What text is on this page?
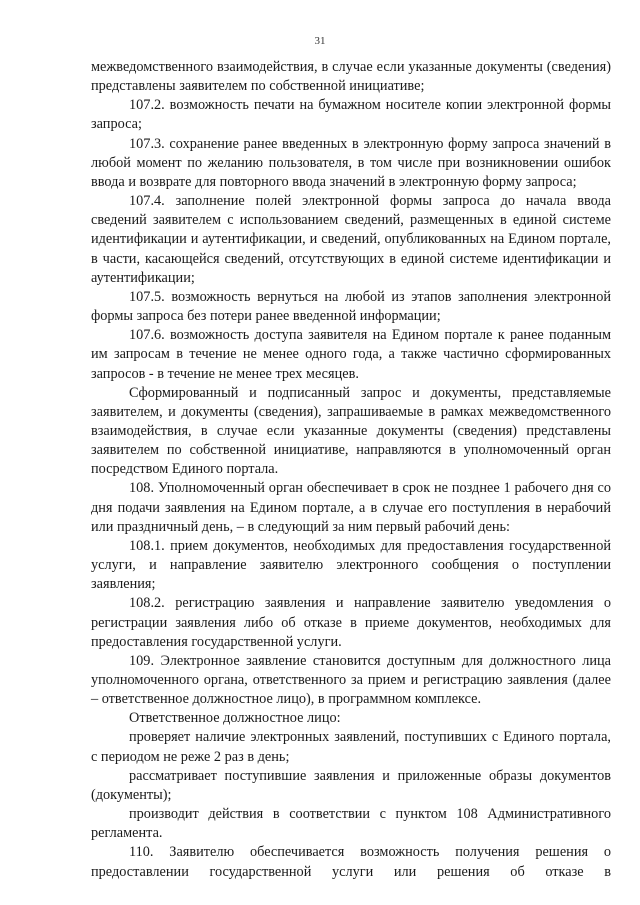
31

межведомственного взаимодействия, в случае если указанные документы (сведения) представлены заявителем по собственной инициативе;

107.2. возможность печати на бумажном носителе копии электронной формы запроса;

107.3. сохранение ранее введенных в электронную форму запроса значений в любой момент по желанию пользователя, в том числе при возникновении ошибок ввода и возврате для повторного ввода значений в электронную форму запроса;

107.4. заполнение полей электронной формы запроса до начала ввода сведений заявителем с использованием сведений, размещенных в единой системе идентификации и аутентификации, и сведений, опубликованных на Едином портале, в части, касающейся сведений, отсутствующих в единой системе идентификации и аутентификации;

107.5. возможность вернуться на любой из этапов заполнения электронной формы запроса без потери ранее введенной информации;

107.6. возможность доступа заявителя на Едином портале к ранее поданным им запросам в течение не менее одного года, а также частично сформированных запросов - в течение не менее трех месяцев.

Сформированный и подписанный запрос и документы, представляемые заявителем, и документы (сведения), запрашиваемые в рамках межведомственного взаимодействия, в случае если указанные документы (сведения) представлены заявителем по собственной инициативе, направляются в уполномоченный орган посредством Единого портала.

108. Уполномоченный орган обеспечивает в срок не позднее 1 рабочего дня со дня подачи заявления на Едином портале, а в случае его поступления в нерабочий или праздничный день, – в следующий за ним первый рабочий день:

108.1. прием документов, необходимых для предоставления государственной услуги, и направление заявителю электронного сообщения о поступлении заявления;

108.2. регистрацию заявления и направление заявителю уведомления о регистрации заявления либо об отказе в приеме документов, необходимых для предоставления государственной услуги.

109. Электронное заявление становится доступным для должностного лица уполномоченного органа, ответственного за прием и регистрацию заявления (далее – ответственное должностное лицо), в программном комплексе.

Ответственное должностное лицо:

проверяет наличие электронных заявлений, поступивших с Единого портала, с периодом не реже 2 раз в день;

рассматривает поступившие заявления и приложенные образы документов (документы);

производит действия в соответствии с пунктом 108 Административного регламента.

110. Заявителю обеспечивается возможность получения решения о предоставлении государственной услуги или решения об отказе в
